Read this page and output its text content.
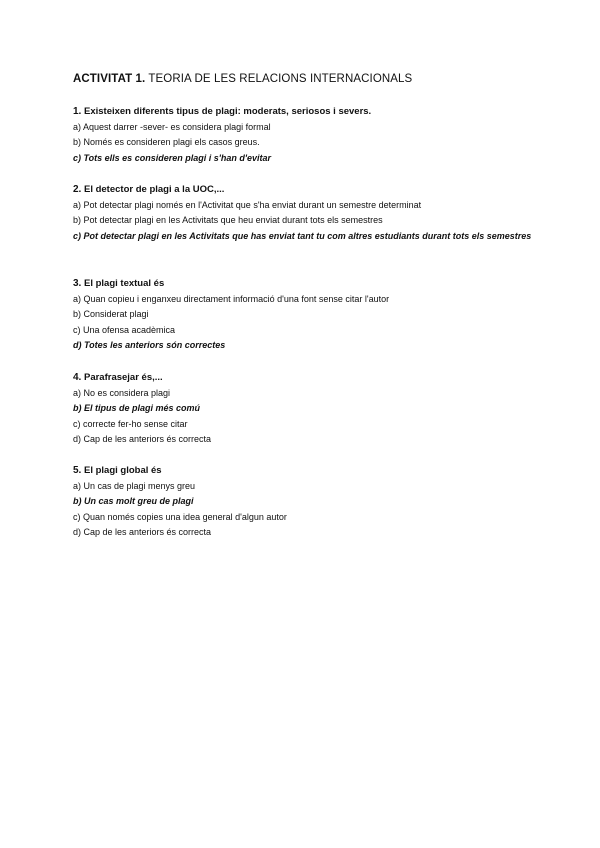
ACTIVITAT 1. TEORIA DE LES RELACIONS INTERNACIONALS
1. Existeixen diferents tipus de plagi: moderats, seriosos i severs.
a) Aquest darrer -sever- es considera plagi formal
b) Només es consideren plagi els casos greus.
c) Tots ells es consideren plagi i s'han d'evitar
2. El detector de plagi a la UOC,...
a) Pot detectar plagi només en l'Activitat que s'ha enviat durant un semestre determinat
b) Pot detectar plagi en les Activitats que heu enviat durant tots els semestres
c) Pot detectar plagi en les Activitats que has enviat tant tu com altres estudiants durant tots els semestres
3. El plagi textual és
a) Quan copieu i enganxeu directament informació d'una font sense citar l'autor
b) Considerat plagi
c) Una ofensa acadèmica
d) Totes les anteriors són correctes
4. Parafrasejar és,...
a) No es considera plagi
b) El tipus de plagi més comú
c) correcte fer-ho sense citar
d) Cap de les anteriors és correcta
5. El plagi global és
a) Un cas de plagi menys greu
b) Un cas molt greu de plagi
c) Quan només copies una idea general d'algun autor
d) Cap de les anteriors és correcta
